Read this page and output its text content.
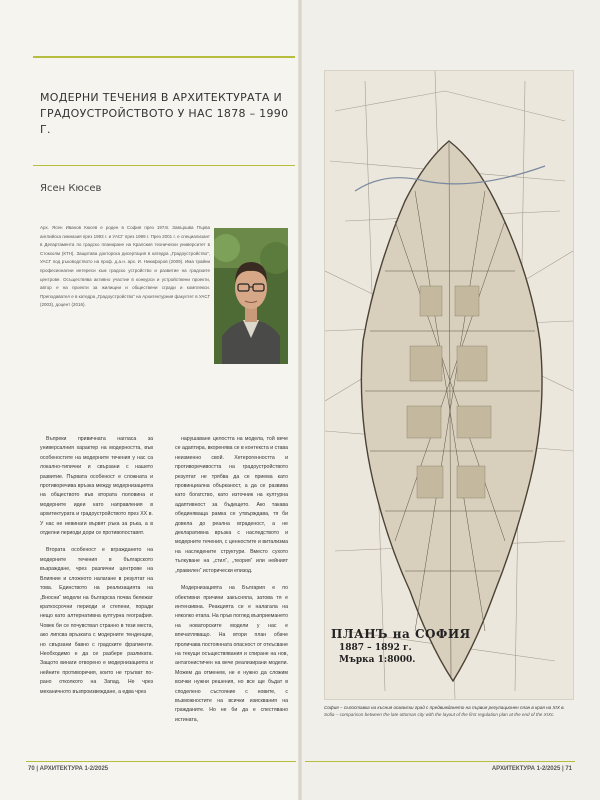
МОДЕРНИ ТЕЧЕНИЯ В АРХИТЕКТУРАТА И ГРАДОУСТРОЙСТВОТО У НАС 1878 – 1990 Г.
Ясен Кюсев
Арх. Ясен Иванов Кюсев е роден в София през 1974г. Завършва Първа английска гимназия през 1993 г. и УАСГ през 1999 г. През 2001 г. е специализант в Департамента по градско планиране на Кралския технически университет в Стокхолм (КТН). Защитава докторска дисертация в катедра „Градоустройство“, УАСГ под ръководството на проф. д.а.н. арх. И. Никифоров (2009). Има трайни професионални интереси към градско устройство и развитие на градските центрове. Осъществява активно участие в конкурси и устройствени проекти, автор е на проекти за жилищни и обществени сгради и комплекси. Преподавател е в катедра „Градоустройство“ на Архитектурния факултет в УАСГ (2003), доцент (2016).

Въпреки привичната нагласа за универсалния характер на модерността, във особеностите на модерните течения у нас са локално-типични и свързани с нашето развитие. Първата особеност е сложната и противоречива връзка между модернизацията на обществото във втората половина и модерните идеи като направления в архитектурата и градоустройството през XX в. У нас не невинаги вървят ръка за ръка, а в отделни периоди дори се противопоставят.

Втората особеност е вграждането на модерните течения в българското възраждане, чрез различни центрове на Влияние и сложното налагане в резултат на това. Единството на реализацията на „Вносни“ модели на българска почва бележат краткосрочни периоди и степени, поради нещо като алтернативна културна география. Човек би се почувствал странно в тези места, ако липсва връзката с модерните тенденции, но свързани бавно с градските фрагменти. Необходимо е да се разбере разликата. Защото винаги отворено е модернизацията и нейните противоречия, които не тръгват по-рано отколкото на Запад. Нe чрез механичното възпроизвеждане, а едва чрез

нарушаване целостта на модела, той вече се адаптира, вкоренява се в контекста и става неизменно свой. Хетерогенността и противоречивостта на градоустройството резултат не трябва да се приема като провинциална обърканост, а да се развива като богатство, като източник на културна адаптивност за бъдещето. Ако такава обединяваща рамка се утвърждава, тя би довела до реална вграденост, а не декларативна връзка с наследството и модерните течения, с ценностите и витализма на наследените структури. Вместо сухото тълкуване на „стил“, „теория“ или нейният „правилен“ исторически епизод.

Модернизацията на България е по обективни причини закъсняла, затова тя е интензивна. Реакцията се е налагала на няколко етапа. На пръв поглед възприемането на новаторските модели у нас е впечатляващо. На втори план обаче проличава постоянната опасност от откъсване на текущи осъществявания и спиране на нов, антагонистичен на вече реализирани модели. Можем да отменем, не е нужно да сложим всички нужни решения, но все ще бъдат в споделено състояние с новите, с възможностите на всички изисквания на гражданите. Но не би да е спестявано истината,

ПЛАНЪ на СОФИЯ
1887 – 1892 г.
Мърка 1:8000.
София – съпоставка на късния османски град с предвиждането на първия регулационен план в края на XIX в.
Sofia – comparison between the late ottoman city with the layout of the first regulation plan at the end of the XIXc.
70 | АРХИТЕКТУРА 1-2/2025	АРХИТЕКТУРА 1-2/2025 | 71
